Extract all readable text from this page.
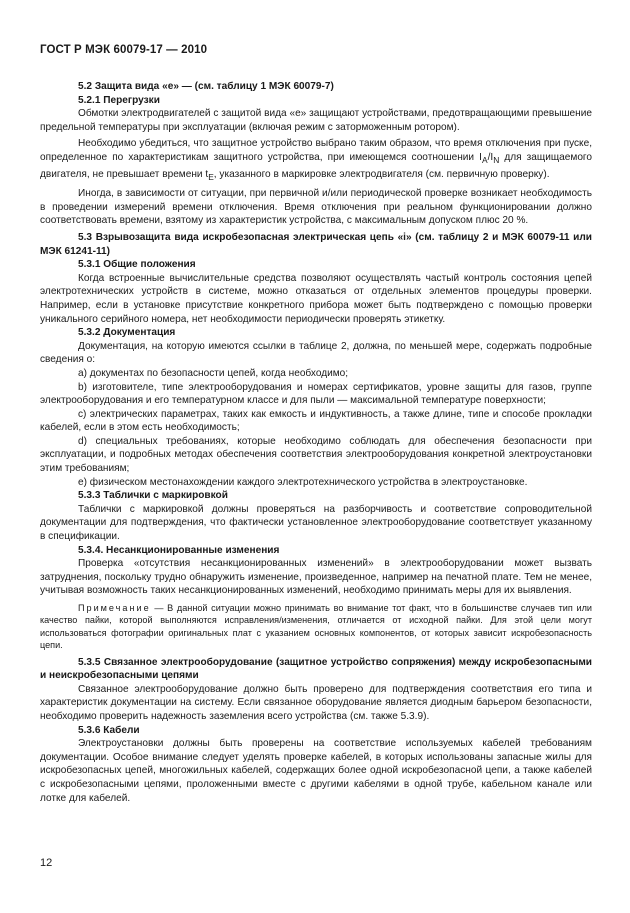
ГОСТ Р МЭК 60079-17 — 2010

5.2 Защита вида «е» — (см. таблицу 1 МЭК 60079-7)

5.2.1 Перегрузки

Обмотки электродвигателей с защитой вида «е» защищают устройствами, предотвращающими превышение предельной температуры при эксплуатации (включая режим с заторможенным ротором).

Необходимо убедиться, что защитное устройство выбрано таким образом, что время отключения при пуске, определенное по характеристикам защитного устройства, при имеющемся соотношении $I_A/I_N$ для защищаемого двигателя, не превышает времени $t_E$, указанного в маркировке электродвигателя (см. первичную проверку).

Иногда, в зависимости от ситуации, при первичной и/или периодической проверке возникает необходимость в проведении измерений времени отключения. Время отключения при реальном функционировании должно соответствовать времени, взятому из характеристик устройства, с максимальным допуском плюс 20 %.

5.3 Взрывозащита вида искробезопасная электрическая цепь «i» (см. таблицу 2 и МЭК 60079-11 или МЭК 61241-11)

5.3.1 Общие положения

Когда встроенные вычислительные средства позволяют осуществлять частый контроль состояния цепей электротехнических устройств в системе, можно отказаться от отдельных элементов процедуры проверки. Например, если в установке присутствие конкретного прибора может быть подтверждено с помощью проверки уникального серийного номера, нет необходимости периодически проверять этикетку.

5.3.2 Документация

Документация, на которую имеются ссылки в таблице 2, должна, по меньшей мере, содержать подробные сведения о:

а) документах по безопасности цепей, когда необходимо;

b) изготовителе, типе электрооборудования и номерах сертификатов, уровне защиты для газов, группе электрооборудования и его температурном классе и для пыли — максимальной температуре поверхности;

с) электрических параметрах, таких как емкость и индуктивность, а также длине, типе и способе прокладки кабелей, если в этом есть необходимость;

d) специальных требованиях, которые необходимо соблюдать для обеспечения безопасности при эксплуатации, и подробных методах обеспечения соответствия электрооборудования конкретной электроустановки этим требованиям;

е) физическом местонахождении каждого электротехнического устройства в электроустановке.

5.3.3 Таблички с маркировкой

Таблички с маркировкой должны проверяться на разборчивость и соответствие сопроводительной документации для подтверждения, что фактически установленное электрооборудование соответствует указанному в спецификации.

5.3.4. Несанкционированные изменения

Проверка «отсутствия несанкционированных изменений» в электрооборудовании может вызвать затруднения, поскольку трудно обнаружить изменение, произведенное, например на печатной плате. Тем не менее, учитывая возможность таких несанкционированных изменений, необходимо принимать меры для их выявления.

Примечание — В данной ситуации можно принимать во внимание тот факт, что в большинстве случаев тип или качество пайки, которой выполняются исправления/изменения, отличается от исходной пайки. Для этой цели могут использоваться фотографии оригинальных плат с указанием основных компонентов, от которых зависит искробезопасность цепи.

5.3.5 Связанное электрооборудование (защитное устройство сопряжения) между искробезопасными и неискробезопасными цепями

Связанное электрооборудование должно быть проверено для подтверждения соответствия его типа и характеристик документации на систему. Если связанное оборудование является диодным барьером безопасности, необходимо проверить надежность заземления всего устройства (см. также 5.3.9).

5.3.6 Кабели

Электроустановки должны быть проверены на соответствие используемых кабелей требованиям документации. Особое внимание следует уделять проверке кабелей, в которых использованы запасные жилы для искробезопасных цепей, многожильных кабелей, содержащих более одной искробезопасной цепи, а также кабелей с искробезопасными цепями, проложенными вместе с другими кабелями в одной трубе, кабельном канале или лотке для кабелей.

12
